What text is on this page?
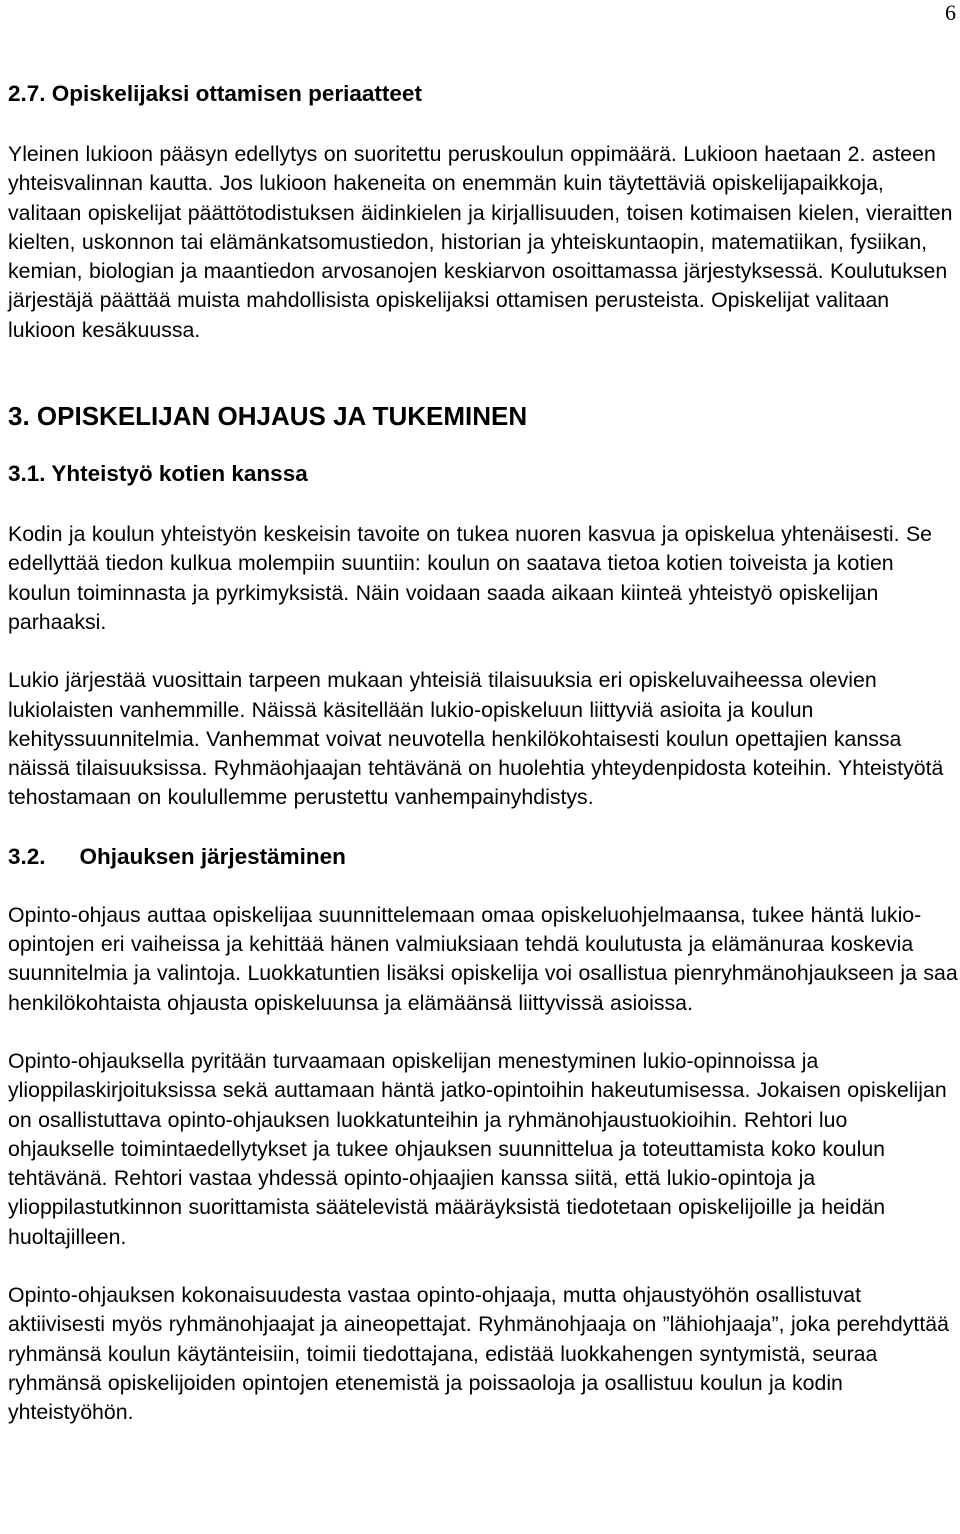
6
2.7. Opiskelijaksi ottamisen periaatteet

Yleinen lukioon pääsyn edellytys on suoritettu peruskoulun oppimäärä. Lukioon haetaan 2. asteen yhteisvalinnan kautta. Jos lukioon hakeneita on enemmän kuin täytettäviä opiskelijapaikkoja, valitaan opiskelijat päättötodistuksen äidinkielen ja kirjallisuuden, toisen kotimaisen kielen, vieraitten kielten, uskonnon tai elämänkatsomustiedon, historian ja yhteiskuntaopin, matematiikan, fysiikan, kemian, biologian ja maantiedon arvosanojen keskiarvon osoittamassa järjestyksessä. Koulutuksen järjestäjä päättää muista mahdollisista opiskelijaksi ottamisen perusteista. Opiskelijat valitaan lukioon kesäkuussa.

3. OPISKELIJAN OHJAUS JA TUKEMINEN
3.1. Yhteistyö kotien kanssa

Kodin ja koulun yhteistyön keskeisin tavoite on tukea nuoren kasvua ja opiskelua yhtenäisesti. Se edellyttää tiedon kulkua molempiin suuntiin: koulun on saatava tietoa kotien toiveista ja kotien koulun toiminnasta ja pyrkimyksistä. Näin voidaan saada aikaan kiinteä yhteistyö opiskelijan parhaaksi.

Lukio järjestää vuosittain tarpeen mukaan yhteisiä tilaisuuksia eri opiskeluvaiheessa olevien lukiolaisten vanhemmille. Näissä käsitellään lukio-opiskeluun liittyviä asioita ja koulun kehityssuunnitelmia. Vanhemmat voivat neuvotella henkilökohtaisesti koulun opettajien kanssa näissä tilaisuuksissa. Ryhmäohjaajan tehtävänä on huolehtia yhteydenpidosta koteihin. Yhteistyötä tehostamaan on koulullemme perustettu vanhempainyhdistys.

3.2. Ohjauksen järjestäminen

Opinto-ohjaus auttaa opiskelijaa suunnittelemaan omaa opiskeluohjelmaansa, tukee häntä lukio-opintojen eri vaiheissa ja kehittää hänen valmiuksiaan tehdä koulutusta ja elämänuraa koskevia suunnitelmia ja valintoja. Luokkatuntien lisäksi opiskelija voi osallistua pienryhmänohjaukseen ja saa henkilökohtaista ohjausta opiskeluunsa ja elämäänsä liittyvissä asioissa.

Opinto-ohjauksella pyritään turvaamaan opiskelijan menestyminen lukio-opinnoissa ja ylioppilaskirjoituksissa sekä auttamaan häntä jatko-opintoihin hakeutumisessa. Jokaisen opiskelijan on osallistuttava opinto-ohjauksen luokkatunteihin ja ryhmänohjaustuokioihin. Rehtori luo ohjaukselle toimintaedellytykset ja tukee ohjauksen suunnittelua ja toteuttamista koko koulun tehtävänä. Rehtori vastaa yhdessä opinto-ohjaajien kanssa siitä, että lukio-opintoja ja ylioppilastutkinnon suorittamista säätelevistä määräyksistä tiedotetaan opiskelijoille ja heidän huoltajilleen.

Opinto-ohjauksen kokonaisuudesta vastaa opinto-ohjaaja, mutta ohjaustyöhön osallistuvat aktiivisesti myös ryhmänohjaajat ja aineopettajat. Ryhmänohjaaja on ”lähiohjaaja”, joka perehdyttää ryhmänsä koulun käytänteisiin, toimii tiedottajana, edistää luokkahengen syntymistä, seuraa ryhmänsä opiskelijoiden opintojen etenemistä ja poissaoloja ja osallistuu koulun ja kodin yhteistyöhön.
